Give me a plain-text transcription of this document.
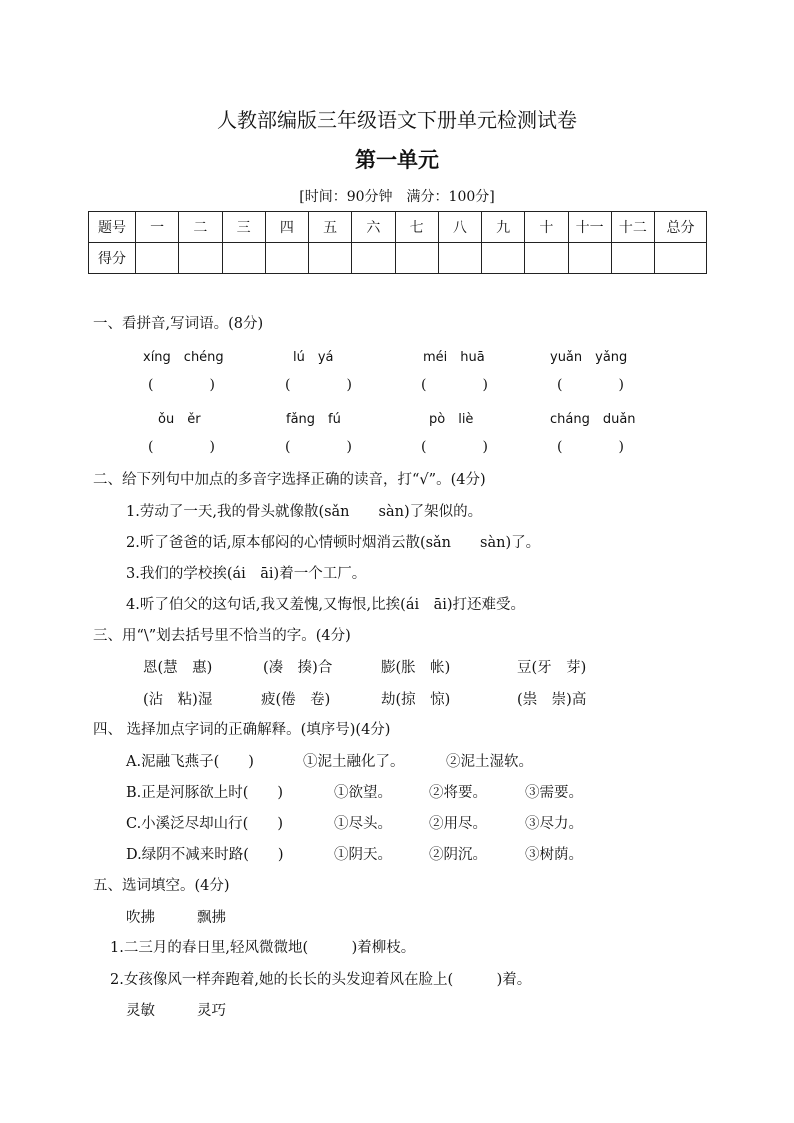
人教部编版三年级语文下册单元检测试卷
第一单元
[时间：90分钟　满分：100分]
题号	一	二	三	四	五	六	七	八	九	十	十一	十二	总分
得分													
一、看拼音,写词语。(8分)
xíng　chéng	lú　yá	méi　huā	yuǎn　yǎng
(　　　　)	(　　　　)	(　　　　)	(　　　　)
ǒu　ěr	fǎng　fú	pò　liè	cháng　duǎn
(　　　　)	(　　　　)	(　　　　)	(　　　　)
二、给下列句中加点的多音字选择正确的读音，打“√”。(4分)
1.劳动了一天,我的骨头就像散(sǎn　　sàn)了架似的。
2.听了爸爸的话,原本郁闷的心情顿时烟消云散(sǎn　　sàn)了。
3.我们的学校挨(ái　āi)着一个工厂。
4.听了伯父的这句话,我又羞愧,又悔恨,比挨(ái　āi)打还难受。
三、用“\”划去括号里不恰当的字。(4分)
恩(慧　惠)	(凑　揍)合	膨(胀　帐)	豆(牙　芽)
(沾　粘)湿	疲(倦　卷)	劫(掠　惊)	(祟　崇)高
四、 选择加点字词的正确解释。(填序号)(4分)
A.泥融飞燕子(　　)	①泥土融化了。	②泥土湿软。
B.正是河豚欲上时(　　)	①欲望。	②将要。	③需要。
C.小溪泛尽却山行(　　)	①尽头。	②用尽。	③尽力。
D.绿阴不减来时路(　　)	①阴天。	②阴沉。	③树荫。
五、选词填空。(4分)
吹拂	飘拂
1.二三月的春日里,轻风微微地(　　　)着柳枝。
2.女孩像风一样奔跑着,她的长长的头发迎着风在脸上(　　　)着。
灵敏	灵巧
